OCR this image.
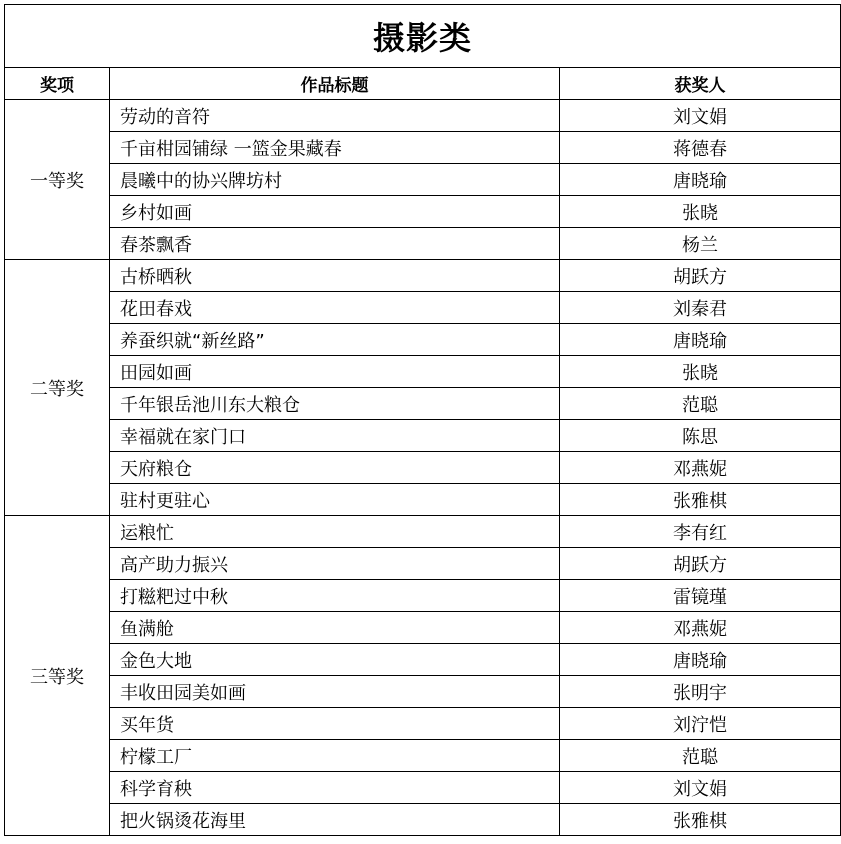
摄影类		
奖项	作品标题	获奖人
一等奖	劳动的音符	刘文娟
	千亩柑园铺绿 一篮金果藏春	蒋德春
	晨曦中的协兴牌坊村	唐晓瑜
	乡村如画	张晓
	春茶飘香	杨兰
二等奖	古桥晒秋	胡跃方
	花田春戏	刘秦君
	养蚕织就“新丝路”	唐晓瑜
	田园如画	张晓
	千年银岳池川东大粮仓	范聪
	幸福就在家门口	陈思
	天府粮仓	邓燕妮
	驻村更驻心	张雅棋
三等奖	运粮忙	李有红
	高产助力振兴	胡跃方
	打糍粑过中秋	雷镜瑾
	鱼满舱	邓燕妮
	金色大地	唐晓瑜
	丰收田园美如画	张明宇
	买年货	刘泞恺
	柠檬工厂	范聪
	科学育秧	刘文娟
	把火锅烫花海里	张雅棋
